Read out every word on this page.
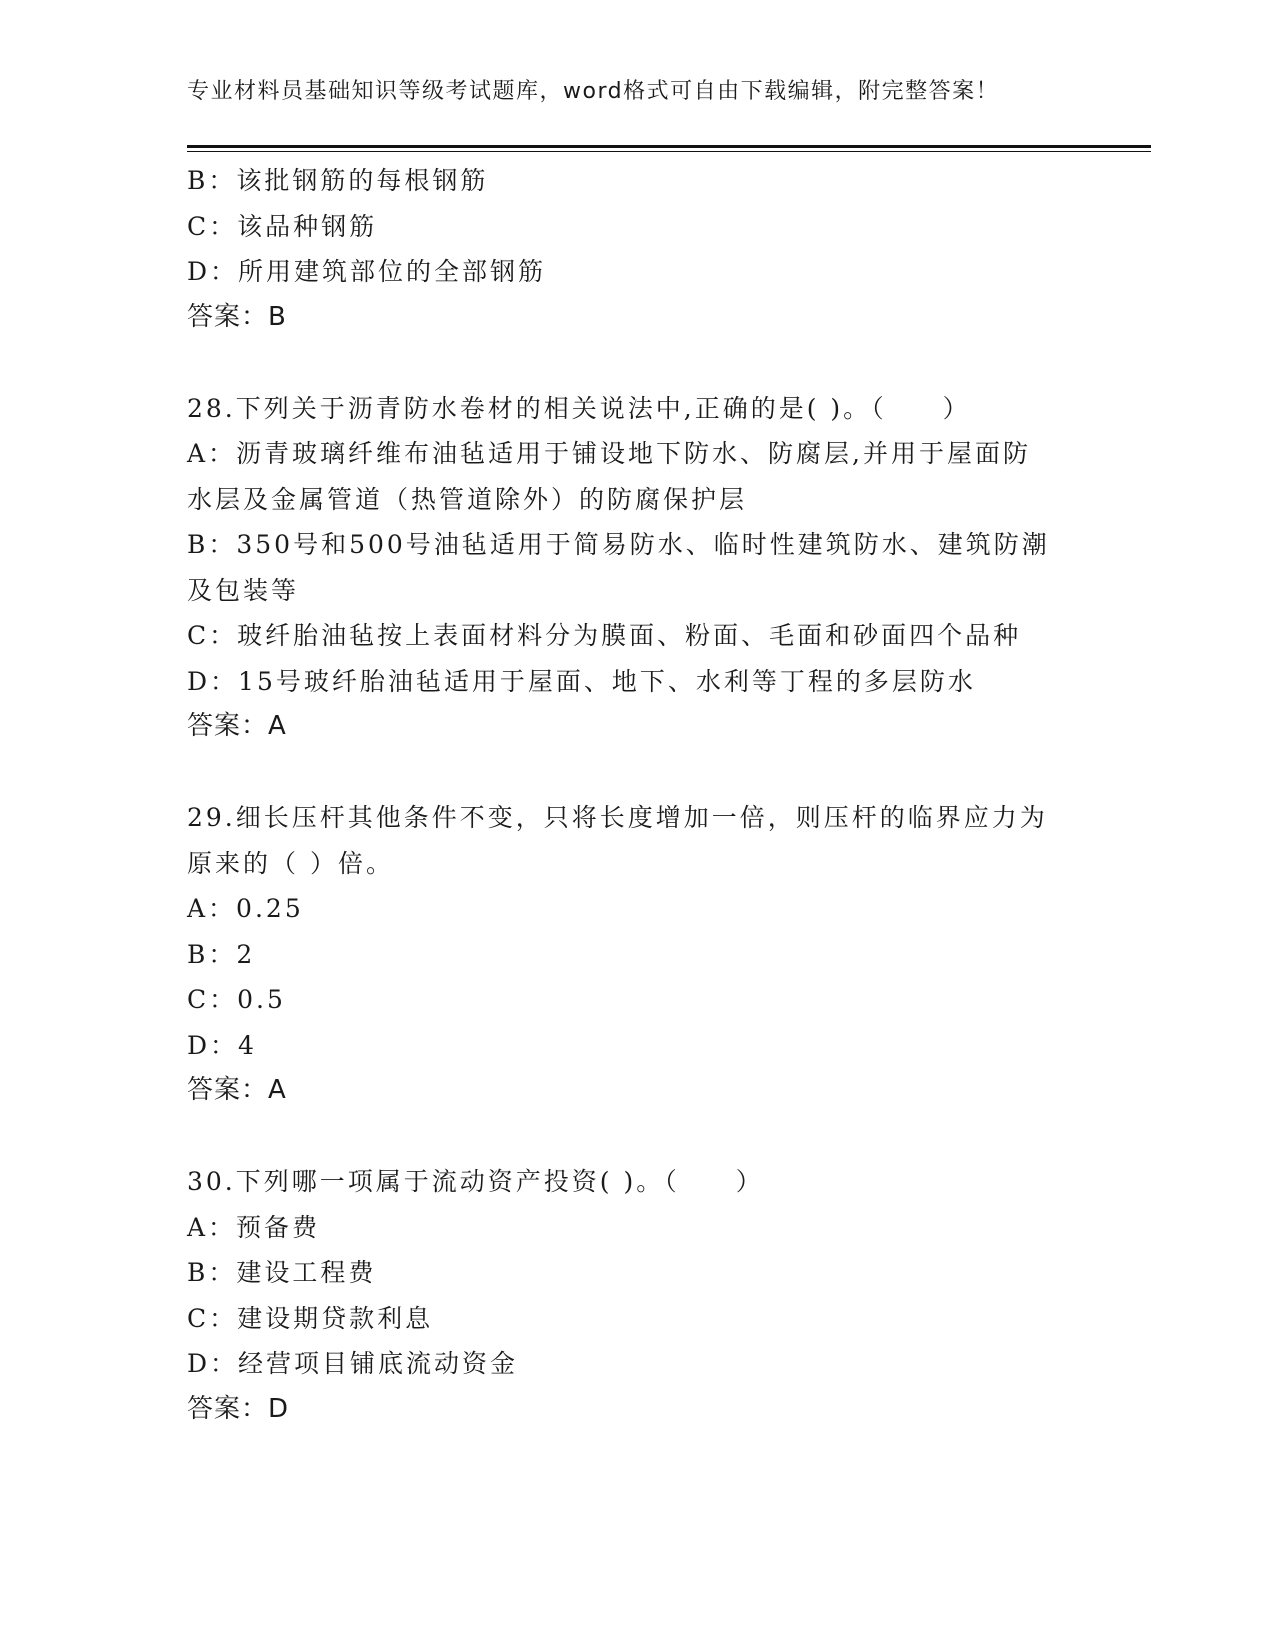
专业材料员基础知识等级考试题库，word格式可自由下载编辑，附完整答案！
B：该批钢筋的每根钢筋
C：该品种钢筋
D：所用建筑部位的全部钢筋
答案：B
28.下列关于沥青防水卷材的相关说法中,正确的是( )。（　　）
A：沥青玻璃纤维布油毡适用于铺设地下防水、防腐层,并用于屋面防
水层及金属管道（热管道除外）的防腐保护层
B：350号和500号油毡适用于简易防水、临时性建筑防水、建筑防潮
及包装等
C：玻纤胎油毡按上表面材料分为膜面、粉面、毛面和砂面四个品种
D：15号玻纤胎油毡适用于屋面、地下、水利等丁程的多层防水
答案：A
29.细长压杆其他条件不变，只将长度增加一倍，则压杆的临界应力为
原来的（ ）倍。
A：0.25
B：2
C：0.5
D：4
答案：A
30.下列哪一项属于流动资产投资( )。（　　）
A：预备费
B：建设工程费
C：建设期贷款利息
D：经营项目铺底流动资金
答案：D
